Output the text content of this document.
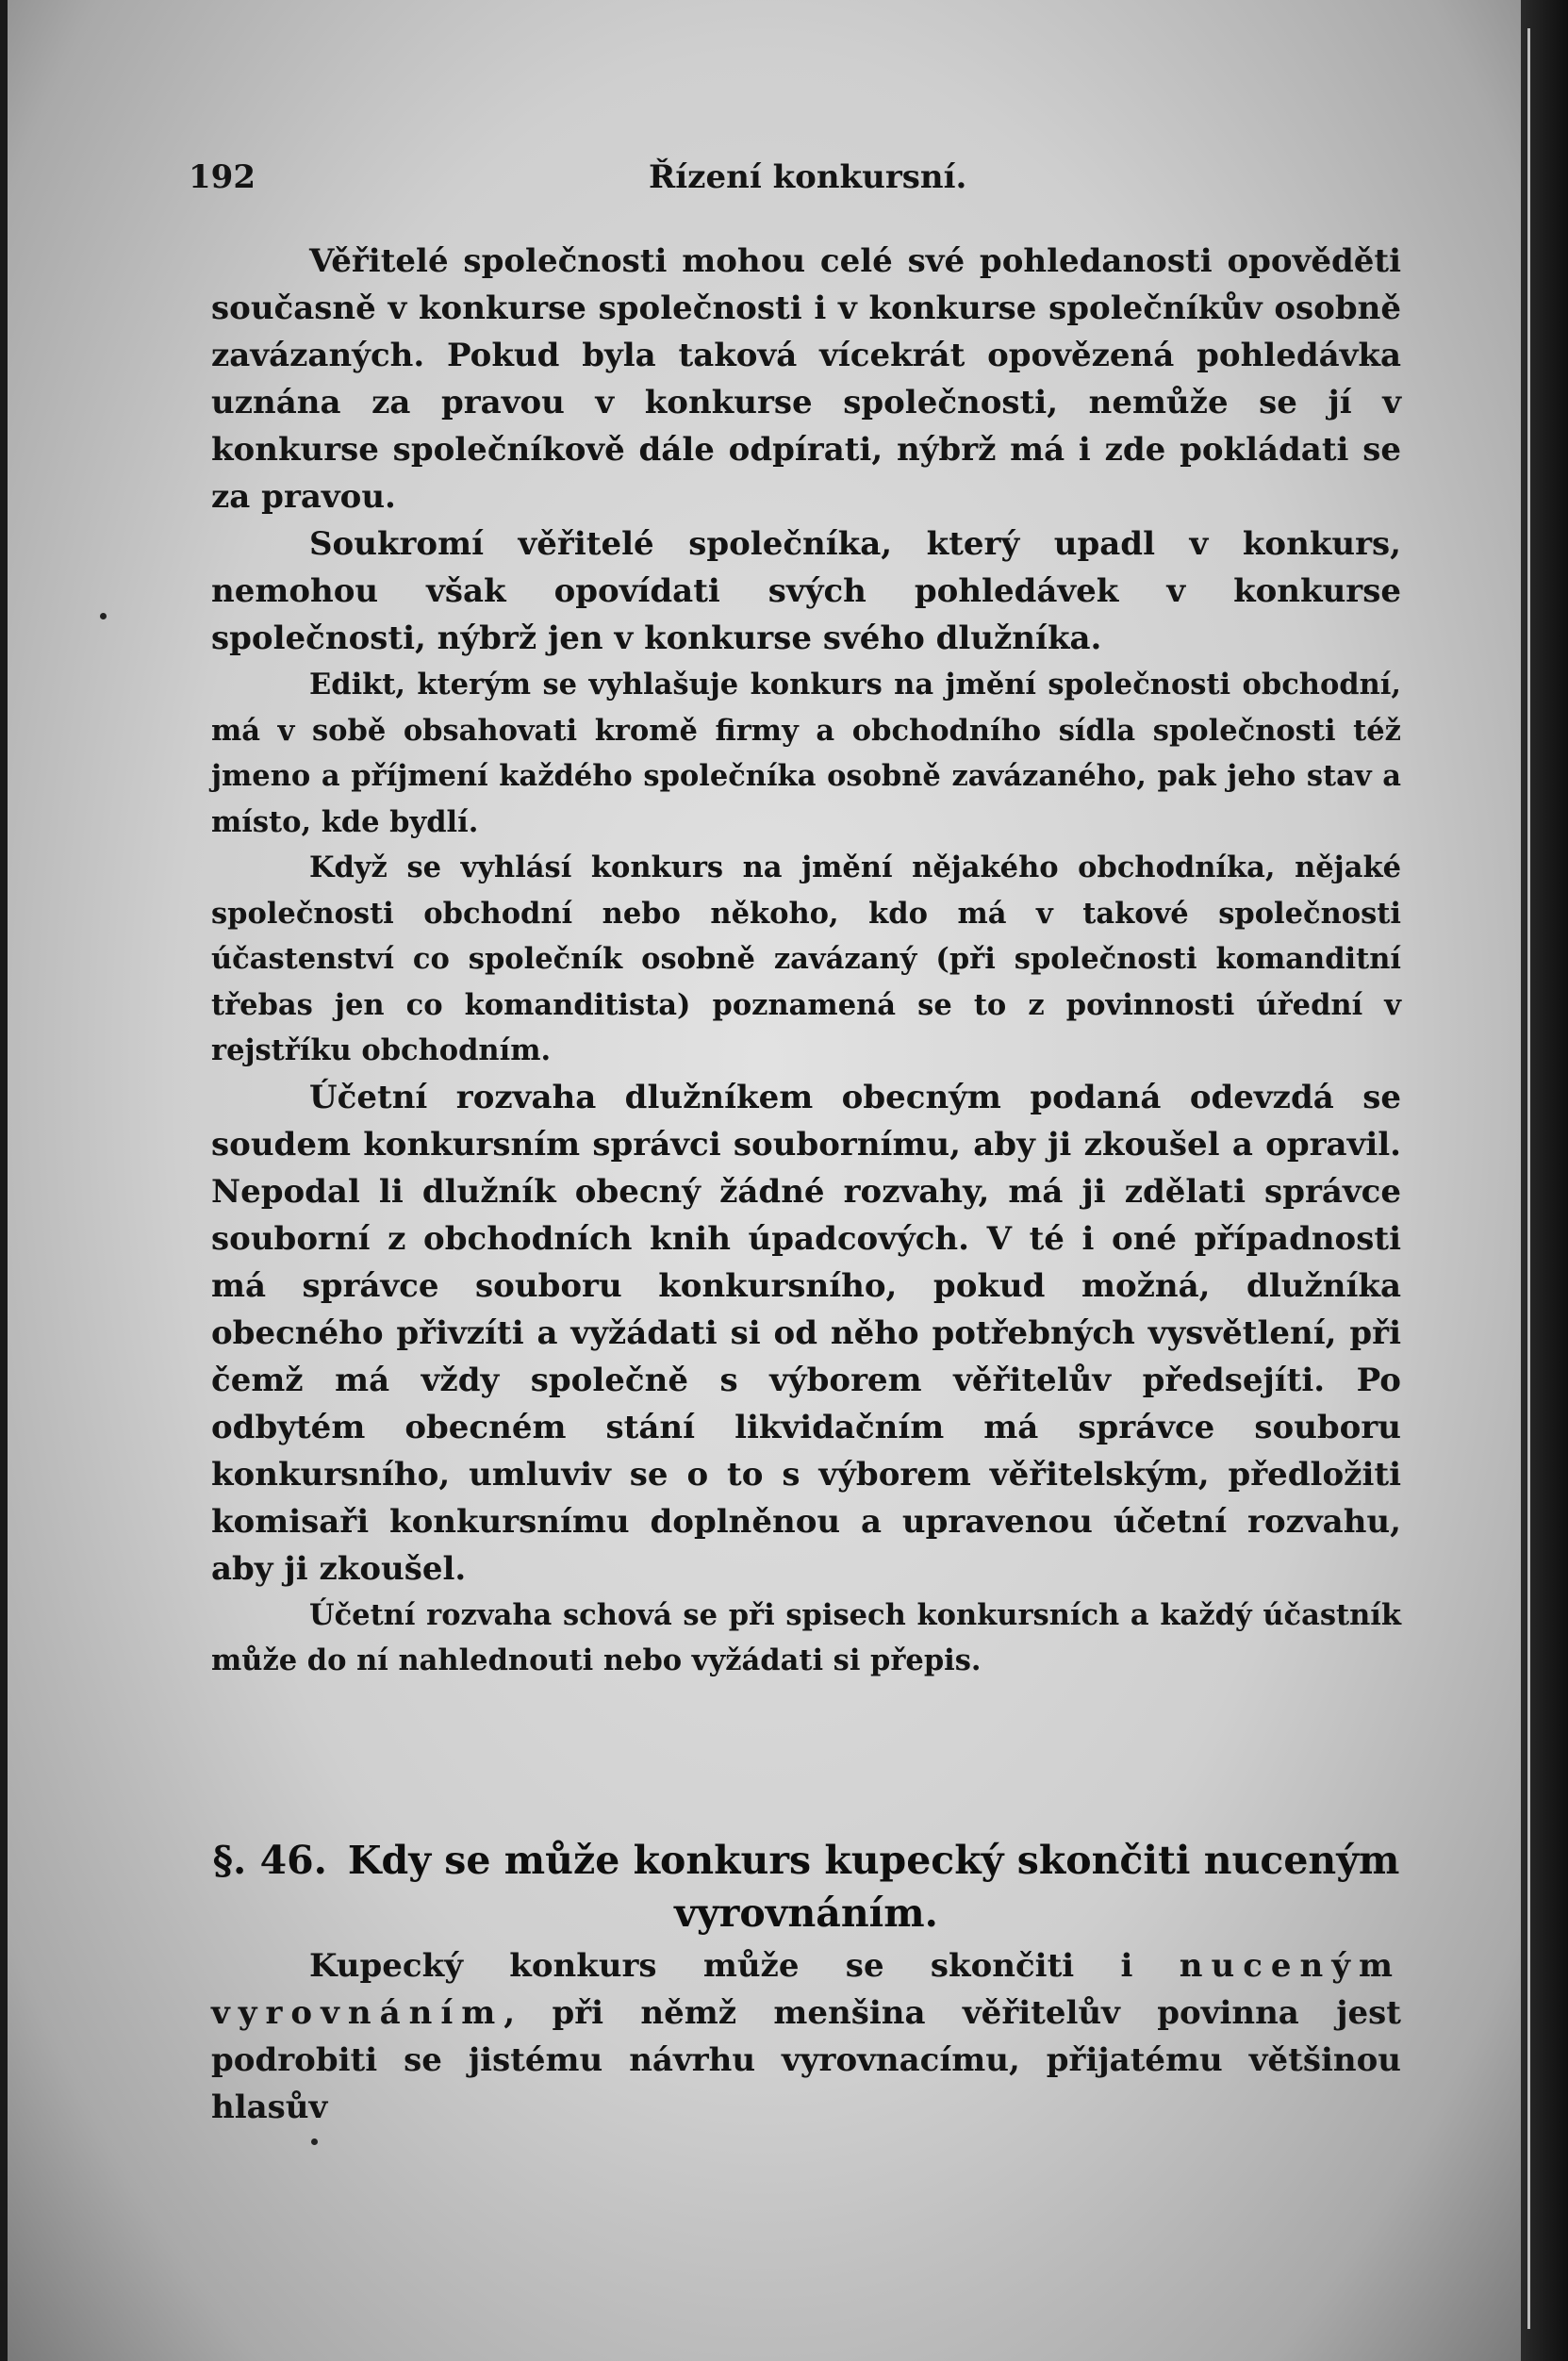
192	Řízení konkursní.

Věřitelé společnosti mohou celé své pohledanosti opověděti současně v konkurse společnosti i v konkurse společníkův osobně zavázaných. Pokud byla taková vícekrát opovězená pohledávka uznána za pravou v konkurse společnosti, nemůže se jí v konkurse společníkově dále odpírati, nýbrž má i zde pokládati se za pravou.

Soukromí věřitelé společníka, který upadl v konkurs, nemohou však opovídati svých pohledávek v konkurse společnosti, nýbrž jen v konkurse svého dlužníka.

Edikt, kterým se vyhlašuje konkurs na jmění společnosti obchodní, má v sobě obsahovati kromě firmy a obchodního sídla společnosti též jmeno a příjmení každého společníka osobně zavázaného, pak jeho stav a místo, kde bydlí.

Když se vyhlásí konkurs na jmění nějakého obchodníka, nějaké společnosti obchodní nebo někoho, kdo má v takové společnosti účastenství co společník osobně zavázaný (při společnosti komanditní třebas jen co komanditista) poznamená se to z povinnosti úřední v rejstříku obchodním.

Účetní rozvaha dlužníkem obecným podaná odevzdá se soudem konkursním správci soubornímu, aby ji zkoušel a opravil. Nepodal li dlužník obecný žádné rozvahy, má ji zdělati správce souborní z obchodních knih úpadcových. V té i oné případnosti má správce souboru konkursního, pokud možná, dlužníka obecného přivzíti a vyžádati si od něho potřebných vysvětlení, při čemž má vždy společně s výborem věřitelův předsejíti. Po odbytém obecném stání likvidačním má správce souboru konkursního, umluviv se o to s výborem věřitelským, předložiti komisaři konkursnímu doplněnou a upravenou účetní rozvahu, aby ji zkoušel.

Účetní rozvaha schová se při spisech konkursních a každý účastník může do ní nahlednouti nebo vyžádati si přepis.

§. 46. Kdy se může konkurs kupecký skončiti nuceným vyrovnáním.

Kupecký konkurs může se skončiti i nuceným vyrovnáním, při němž menšina věřitelův povinna jest podrobiti se jistému návrhu vyrovnacímu, přijatému většinou hlasův
